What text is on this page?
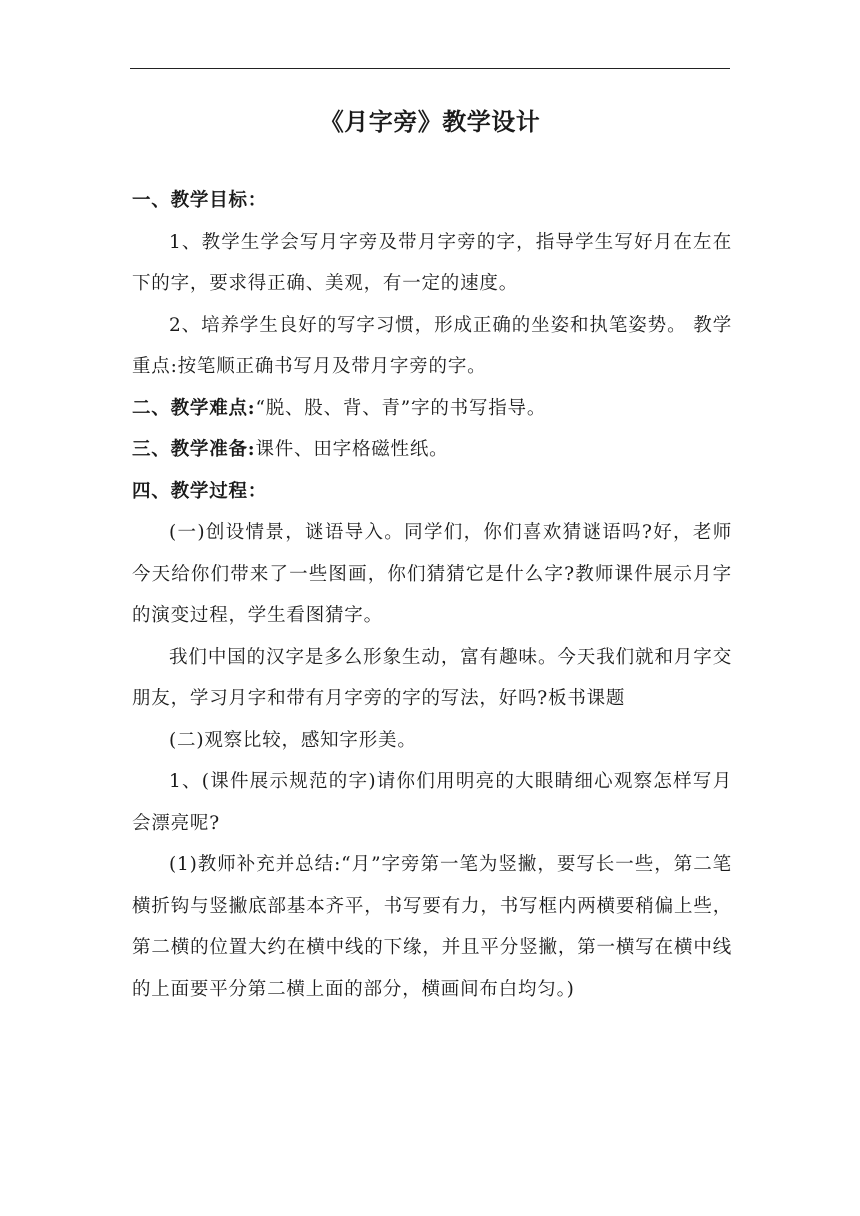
《月字旁》教学设计

一、教学目标：

1、教学生学会写月字旁及带月字旁的字，指导学生写好月在左在下的字，要求得正确、美观，有一定的速度。

2、培养学生良好的写字习惯，形成正确的坐姿和执笔姿势。 教学重点:按笔顺正确书写月及带月字旁的字。

二、教学难点:“脱、股、背、青”字的书写指导。

三、教学准备:课件、田字格磁性纸。

四、教学过程：

(一)创设情景，谜语导入。同学们，你们喜欢猜谜语吗?好，老师今天给你们带来了一些图画，你们猜猜它是什么字?教师课件展示月字的演变过程，学生看图猜字。

我们中国的汉字是多么形象生动，富有趣味。今天我们就和月字交朋友，学习月字和带有月字旁的字的写法，好吗?板书课题

(二)观察比较，感知字形美。

1、(课件展示规范的字)请你们用明亮的大眼睛细心观察怎样写月会漂亮呢?

(1)教师补充并总结:“月”字旁第一笔为竖撇，要写长一些，第二笔横折钩与竖撇底部基本齐平，书写要有力，书写框内两横要稍偏上些，第二横的位置大约在横中线的下缘，并且平分竖撇，第一横写在横中线的上面要平分第二横上面的部分，横画间布白均匀。)
